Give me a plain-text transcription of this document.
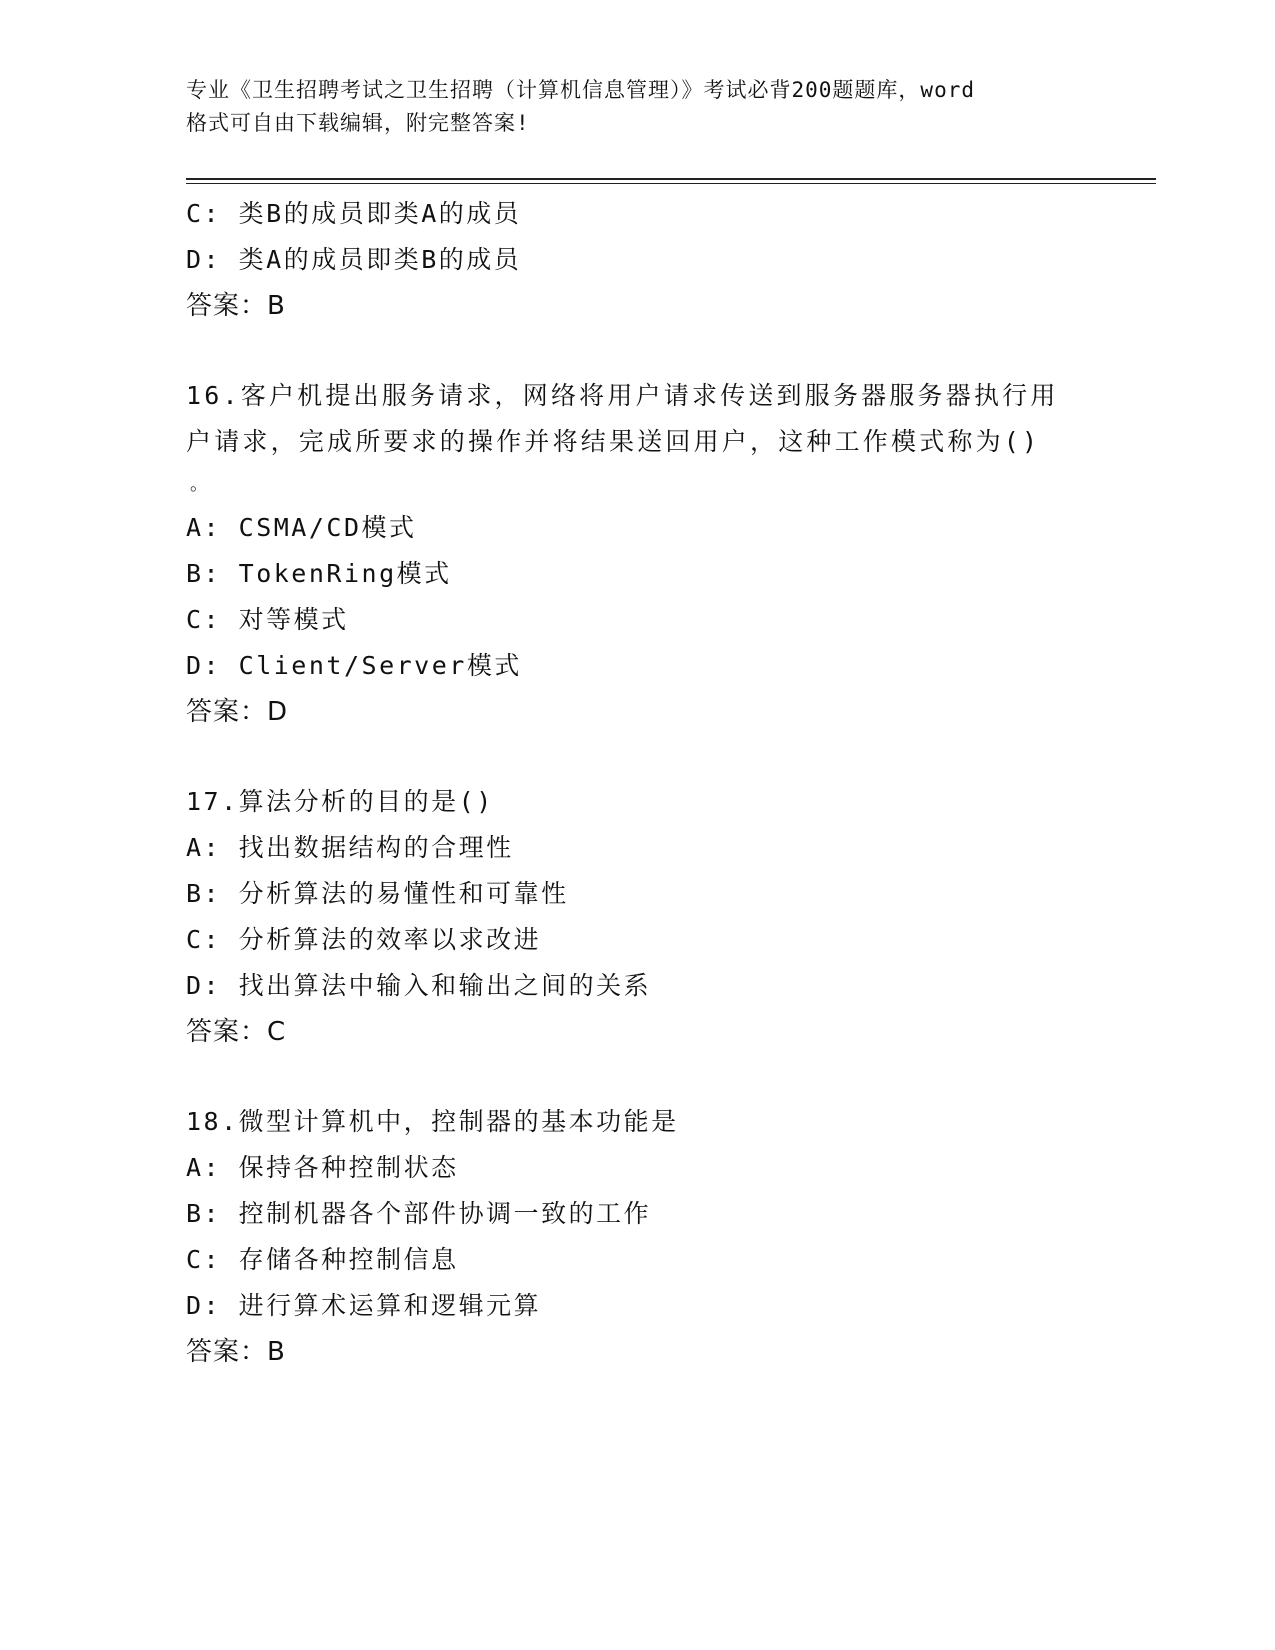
专业《卫生招聘考试之卫生招聘（计算机信息管理）》考试必背200题题库，word
格式可自由下载编辑，附完整答案!
C: 类B的成员即类A的成员
D: 类A的成员即类B的成员
答案：B
16.客户机提出服务请求，网络将用户请求传送到服务器服务器执行用
户请求，完成所要求的操作并将结果送回用户，这种工作模式称为()
。
A: CSMA/CD模式
B: TokenRing模式
C: 对等模式
D: Client/Server模式
答案：D
17.算法分析的目的是()
A: 找出数据结构的合理性
B: 分析算法的易懂性和可靠性
C: 分析算法的效率以求改进
D: 找出算法中输入和输出之间的关系
答案：C
18.微型计算机中，控制器的基本功能是
A: 保持各种控制状态
B: 控制机器各个部件协调一致的工作
C: 存储各种控制信息
D: 进行算术运算和逻辑元算
答案：B
